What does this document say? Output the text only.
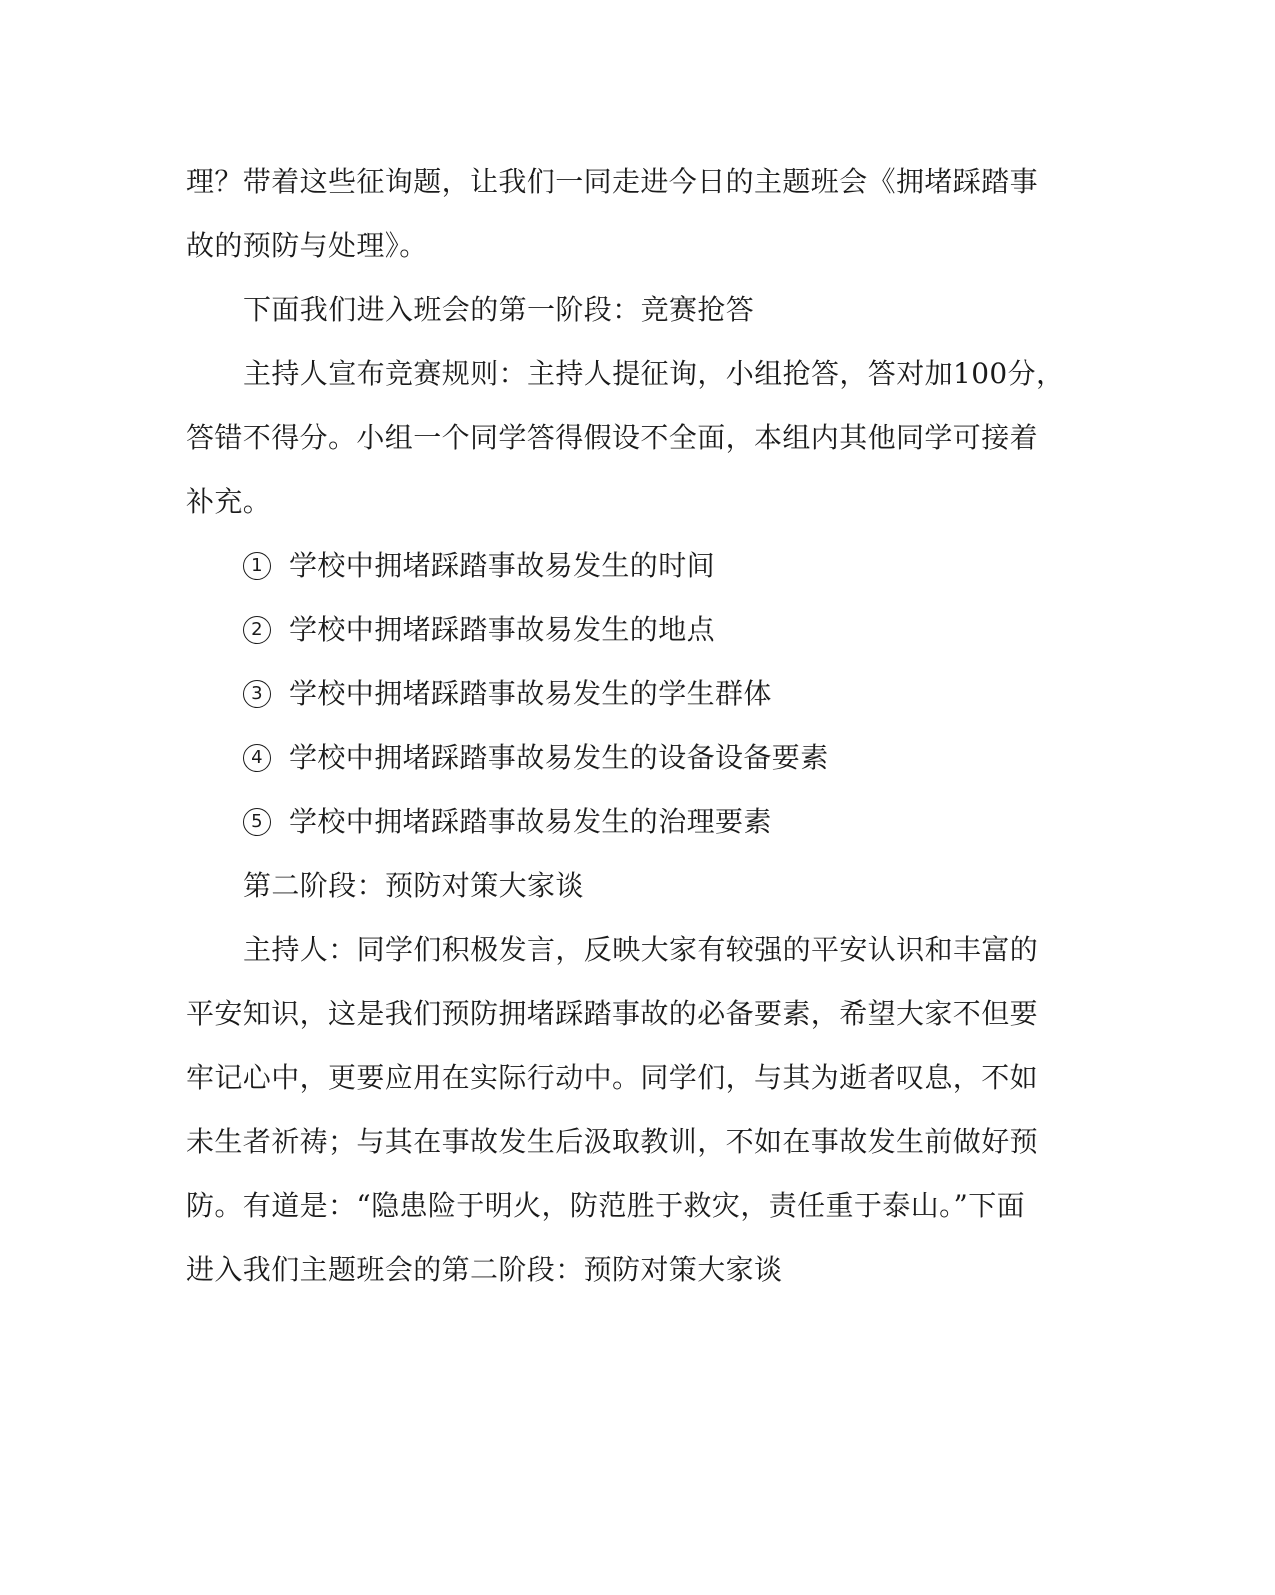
理？带着这些征询题，让我们一同走进今日的主题班会《拥堵踩踏事
故的预防与处理》。
下面我们进入班会的第一阶段：竞赛抢答
主持人宣布竞赛规则：主持人提征询，小组抢答，答对加100分，
答错不得分。小组一个同学答得假设不全面，本组内其他同学可接着
补充。
1 学校中拥堵踩踏事故易发生的时间
2 学校中拥堵踩踏事故易发生的地点
3 学校中拥堵踩踏事故易发生的学生群体
4 学校中拥堵踩踏事故易发生的设备设备要素
5 学校中拥堵踩踏事故易发生的治理要素
第二阶段：预防对策大家谈
主持人：同学们积极发言，反映大家有较强的平安认识和丰富的
平安知识，这是我们预防拥堵踩踏事故的必备要素，希望大家不但要
牢记心中，更要应用在实际行动中。同学们，与其为逝者叹息，不如
未生者祈祷；与其在事故发生后汲取教训，不如在事故发生前做好预
防。有道是：“隐患险于明火，防范胜于救灾，责任重于泰山。”下面
进入我们主题班会的第二阶段：预防对策大家谈
